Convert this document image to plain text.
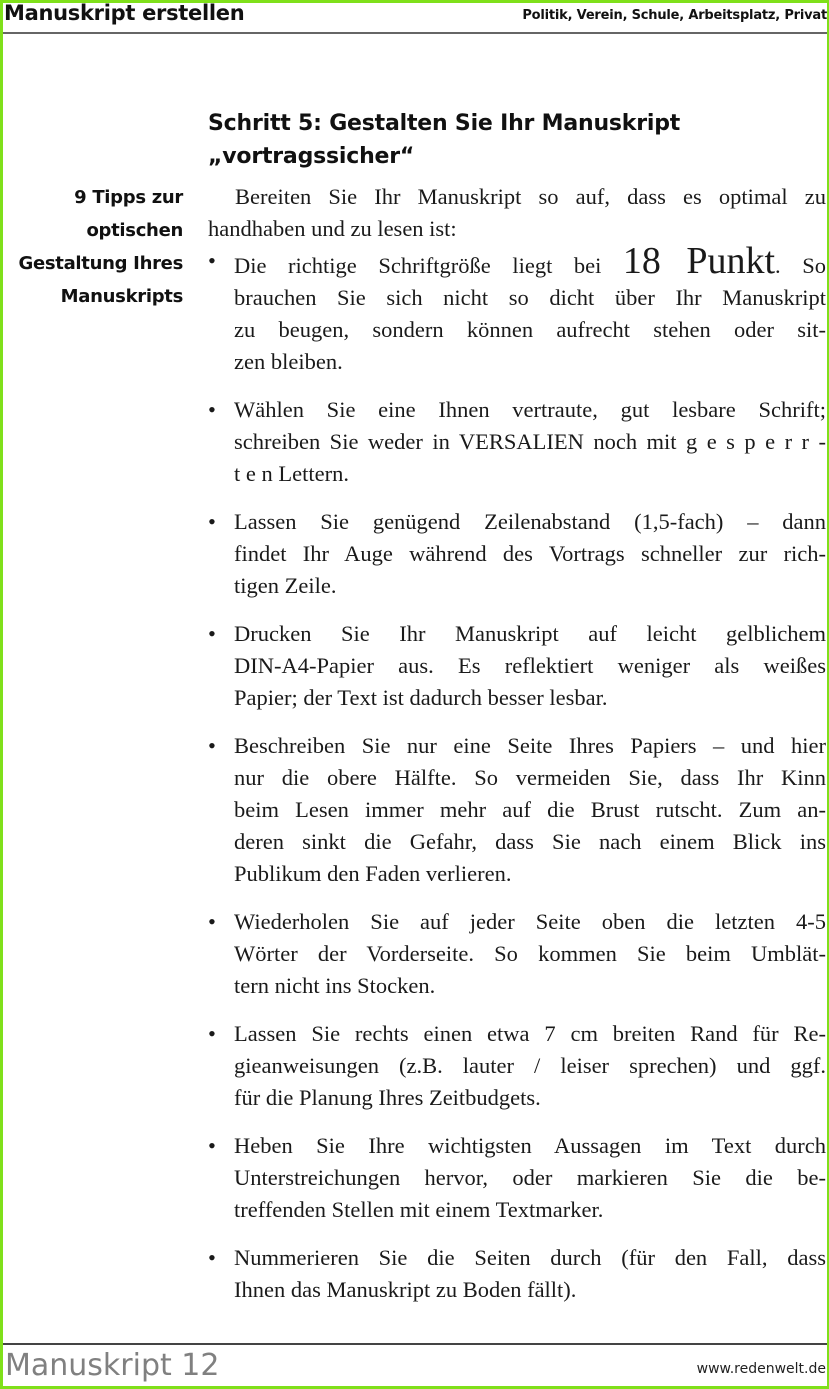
Manuskript erstellen	Politik, Verein, Schule, Arbeitsplatz, Privat
Schritt 5: Gestalten Sie Ihr Manuskript
„vortragssicher“
9 Tipps zur
optischen
Gestaltung Ihres
Manuskripts
Bereiten Sie Ihr Manuskript so auf, dass es optimal zu
handhaben und zu lesen ist:
• Die richtige Schriftgröße liegt bei 18 Punkt. So
brauchen Sie sich nicht so dicht über Ihr Manuskript
zu beugen, sondern können aufrecht stehen oder sit-
zen bleiben.
• Wählen Sie eine Ihnen vertraute, gut lesbare Schrift;
schreiben Sie weder in VERSALIEN noch mit g e s p e r r -
t e n Lettern.
• Lassen Sie genügend Zeilenabstand (1,5-fach) – dann
findet Ihr Auge während des Vortrags schneller zur rich-
tigen Zeile.
• Drucken Sie Ihr Manuskript auf leicht gelblichem
DIN-A4-Papier aus. Es reflektiert weniger als weißes
Papier; der Text ist dadurch besser lesbar.
• Beschreiben Sie nur eine Seite Ihres Papiers – und hier
nur die obere Hälfte. So vermeiden Sie, dass Ihr Kinn
beim Lesen immer mehr auf die Brust rutscht. Zum an-
deren sinkt die Gefahr, dass Sie nach einem Blick ins
Publikum den Faden verlieren.
• Wiederholen Sie auf jeder Seite oben die letzten 4-5
Wörter der Vorderseite. So kommen Sie beim Umblät-
tern nicht ins Stocken.
• Lassen Sie rechts einen etwa 7 cm breiten Rand für Re-
gieanweisungen (z.B. lauter / leiser sprechen) und ggf.
für die Planung Ihres Zeitbudgets.
• Heben Sie Ihre wichtigsten Aussagen im Text durch
Unterstreichungen hervor, oder markieren Sie die be-
treffenden Stellen mit einem Textmarker.
• Nummerieren Sie die Seiten durch (für den Fall, dass
Ihnen das Manuskript zu Boden fällt).
Manuskript 12	www.redenwelt.de
